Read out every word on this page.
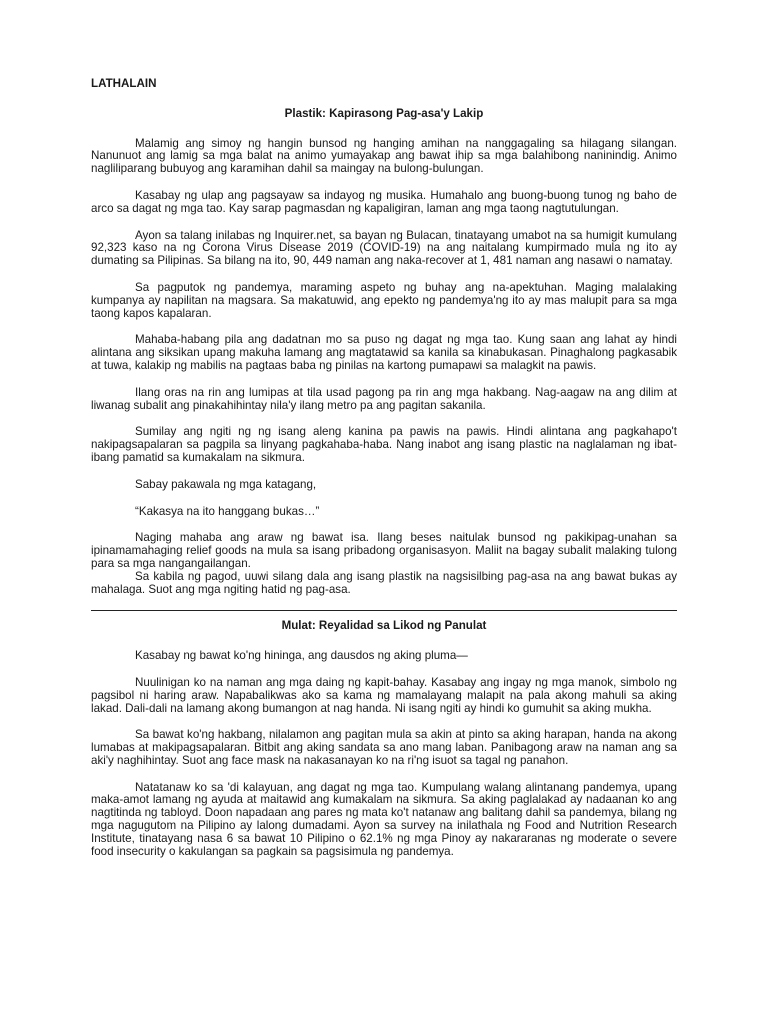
LATHALAIN
Plastik: Kapirasong Pag-asa'y Lakip

Malamig ang simoy ng hangin bunsod ng hanging amihan na nanggagaling sa hilagang silangan. Nanunuot ang lamig sa mga balat na animo yumayakap ang bawat ihip sa mga balahibong naninindig. Animo nagliliparang bubuyog ang karamihan dahil sa maingay na bulong-bulungan.

Kasabay ng ulap ang pagsayaw sa indayog ng musika. Humahalo ang buong-buong tunog ng baho de arco sa dagat ng mga tao. Kay sarap pagmasdan ng kapaligiran, laman ang mga taong nagtutulungan.

Ayon sa talang inilabas ng Inquirer.net, sa bayan ng Bulacan, tinatayang umabot na sa humigit kumulang 92,323 kaso na ng Corona Virus Disease 2019 (COVID-19) na ang naitalang kumpirmado mula ng ito ay dumating sa Pilipinas. Sa bilang na ito, 90, 449 naman ang naka-recover at 1, 481 naman ang nasawi o namatay.

Sa pagputok ng pandemya, maraming aspeto ng buhay ang na-apektuhan. Maging malalaking kumpanya ay napilitan na magsara. Sa makatuwid, ang epekto ng pandemya'ng ito ay mas malupit para sa mga taong kapos kapalaran.

Mahaba-habang pila ang dadatnan mo sa puso ng dagat ng mga tao. Kung saan ang lahat ay hindi alintana ang siksikan upang makuha lamang ang magtatawid sa kanila sa kinabukasan. Pinaghalong pagkasabik at tuwa, kalakip ng mabilis na pagtaas baba ng pinilas na kartong pumapawi sa malagkit na pawis.

Ilang oras na rin ang lumipas at tila usad pagong pa rin ang mga hakbang. Nag-aagaw na ang dilim at liwanag subalit ang pinakahihintay nila'y ilang metro pa ang pagitan sakanila.

Sumilay ang ngiti ng ng isang aleng kanina pa pawis na pawis. Hindi alintana ang pagkahapo't nakipagsapalaran sa pagpila sa linyang pagkahaba-haba. Nang inabot ang isang plastic na naglalaman ng ibat-ibang pamatid sa kumakalam na sikmura.

Sabay pakawala ng mga katagang,

“Kakasya na ito hanggang bukas…”

Naging mahaba ang araw ng bawat isa. Ilang beses naitulak bunsod ng pakikipag-unahan sa ipinamamahaging relief goods na mula sa isang pribadong organisasyon. Maliit na bagay subalit malaking tulong para sa mga nangangailangan.

Sa kabila ng pagod, uuwi silang dala ang isang plastik na nagsisilbing pag-asa na ang bawat bukas ay mahalaga. Suot ang mga ngiting hatid ng pag-asa.

Mulat: Reyalidad sa Likod ng Panulat

Kasabay ng bawat ko'ng hininga, ang dausdos ng aking pluma—

Nuulinigan ko na naman ang mga daing ng kapit-bahay. Kasabay ang ingay ng mga manok, simbolo ng pagsibol ni haring araw. Napabalikwas ako sa kama ng mamalayang malapit na pala akong mahuli sa aking lakad. Dali-dali na lamang akong bumangon at nag handa. Ni isang ngiti ay hindi ko gumuhit sa aking mukha.

Sa bawat ko'ng hakbang, nilalamon ang pagitan mula sa akin at pinto sa aking harapan, handa na akong lumabas at makipagsapalaran. Bitbit ang aking sandata sa ano mang laban. Panibagong araw na naman ang sa aki'y naghihintay. Suot ang face mask na nakasanayan ko na ri'ng isuot sa tagal ng panahon.

Natatanaw ko sa 'di kalayuan, ang dagat ng mga tao. Kumpulang walang alintanang pandemya, upang maka-amot lamang ng ayuda at maitawid ang kumakalam na sikmura. Sa aking paglalakad ay nadaanan ko ang nagtitinda ng tabloyd. Doon napadaan ang pares ng mata ko't natanaw ang balitang dahil sa pandemya, bilang ng mga nagugutom na Pilipino ay lalong dumadami. Ayon sa survey na inilathala ng Food and Nutrition Research Institute, tinatayang nasa 6 sa bawat 10 Pilipino o 62.1% ng mga Pinoy ay nakararanas ng moderate o severe food insecurity o kakulangan sa pagkain sa pagsisimula ng pandemya.
